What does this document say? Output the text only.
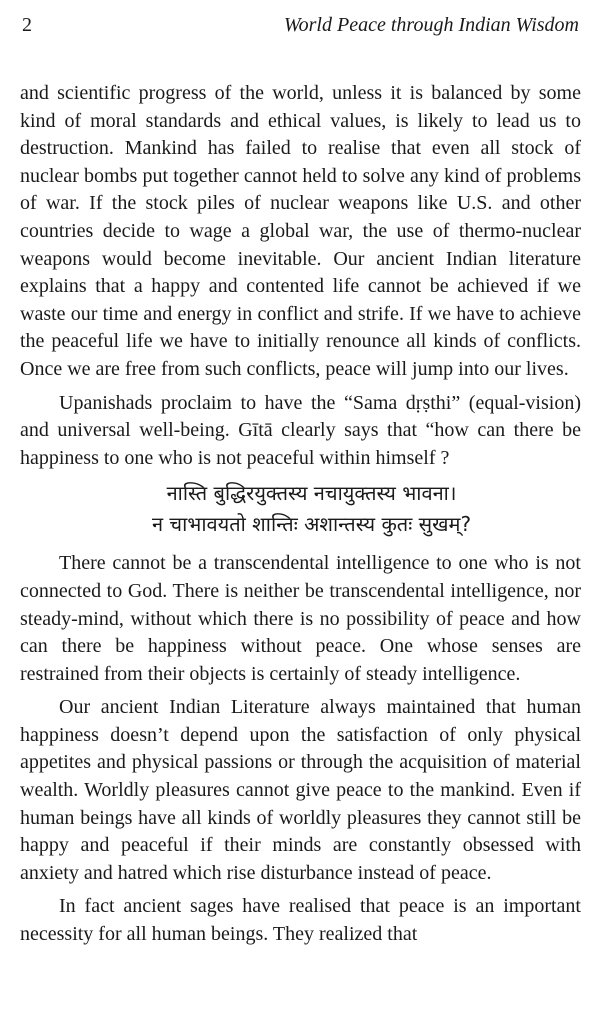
2	World Peace through Indian Wisdom

and scientific progress of the world, unless it is balanced by some kind of moral standards and ethical values, is likely to lead us to destruction. Mankind has failed to realise that even all stock of nuclear bombs put together cannot held to solve any kind of problems of war. If the stock piles of nuclear weapons like U.S. and other countries decide to wage a global war, the use of thermo-nuclear weapons would become inevitable. Our ancient Indian literature explains that a happy and contented life cannot be achieved if we waste our time and energy in conflict and strife. If we have to achieve the peaceful life we have to initially renounce all kinds of conflicts. Once we are free from such conflicts, peace will jump into our lives.

Upanishads proclaim to have the “Sama dṛṣthi” (equal-vision) and universal well-being. Gītā clearly says that “how can there be happiness to one who is not peaceful within himself ?

नास्ति बुद्धिरयुक्तस्य नचायुक्तस्य भावना।
न चाभावयतो शान्तिः अशान्तस्य कुतः सुखम्?

There cannot be a transcendental intelligence to one who is not connected to God. There is neither be transcendental intelligence, nor steady-mind, without which there is no possibility of peace and how can there be happiness without peace. One whose senses are restrained from their objects is certainly of steady intelligence.

Our ancient Indian Literature always maintained that human happiness doesn’t depend upon the satisfaction of only physical appetites and physical passions or through the acquisition of material wealth. Worldly pleasures cannot give peace to the mankind. Even if human beings have all kinds of worldly pleasures they cannot still be happy and peaceful if their minds are constantly obsessed with anxiety and hatred which rise disturbance instead of peace.

In fact ancient sages have realised that peace is an important necessity for all human beings. They realized that
